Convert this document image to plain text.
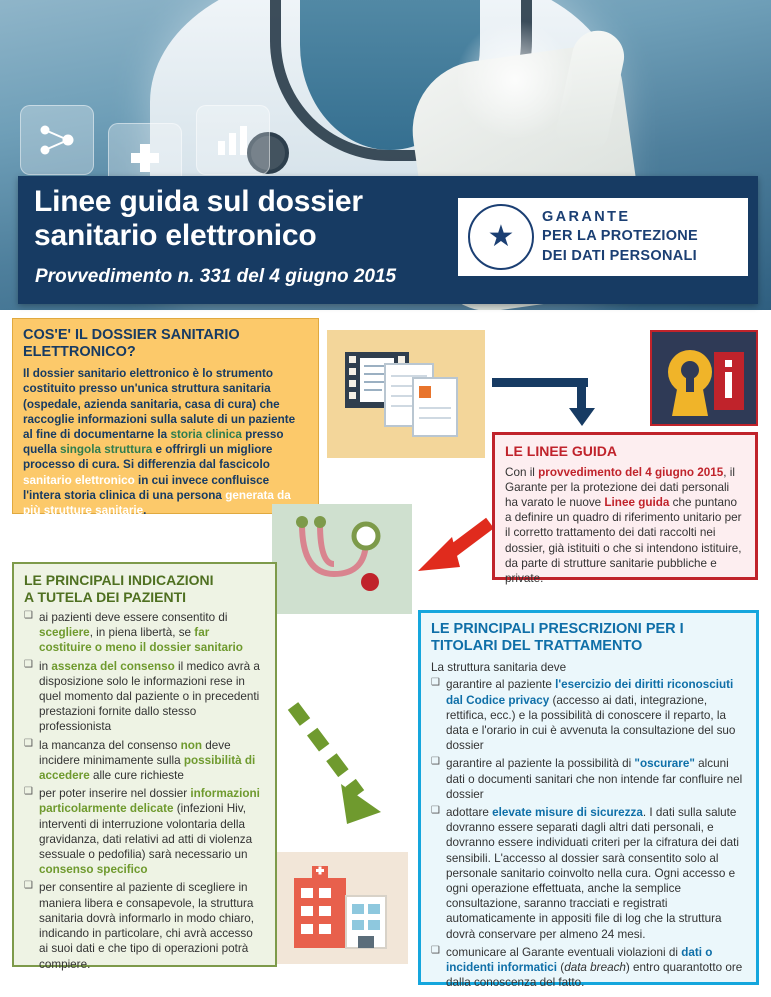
Linee guida sul dossier
sanitario elettronico
Provvedimento n. 331 del 4 giugno 2015
★
GARANTE
PER LA PROTEZIONE
DEI DATI PERSONALI
COS'E' IL DOSSIER SANITARIO ELETTRONICO?

Il dossier sanitario elettronico è lo strumento costituito presso un'unica struttura sanitaria (ospedale, azienda sanitaria, casa di cura) che raccoglie informazioni sulla salute di un paziente al fine di documentarne la storia clinica presso quella singola struttura e offrirgli un migliore processo di cura. Si differenzia dal fascicolo sanitario elettronico in cui invece confluisce l'intera storia clinica di una persona generata da più strutture sanitarie.

LE LINEE GUIDA

Con il provvedimento del 4 giugno 2015, il Garante per la protezione dei dati personali ha varato le nuove Linee guida che puntano a definire un quadro di riferimento unitario per il corretto trattamento dei dati raccolti nei dossier, già istituiti o che si intendono istituire, da parte di strutture sanitarie pubbliche e private.

LE PRINCIPALI INDICAZIONI
A TUTELA DEI PAZIENTI
❑ ai pazienti deve essere consentito di scegliere, in piena libertà, se far costituire o meno il dossier sanitario
❑ in assenza del consenso il medico avrà a disposizione solo le informazioni rese in quel momento dal paziente o in precedenti prestazioni fornite dallo stesso professionista
❑ la mancanza del consenso non deve incidere minimamente sulla possibilità di accedere alle cure richieste
❑ per poter inserire nel dossier informazioni particolarmente delicate (infezioni Hiv, interventi di interruzione volontaria della gravidanza, dati relativi ad atti di violenza sessuale o pedofilia) sarà necessario un consenso specifico
❑ per consentire al paziente di scegliere in maniera libera e consapevole, la struttura sanitaria dovrà informarlo in modo chiaro, indicando in particolare, chi avrà accesso ai suoi dati e che tipo di operazioni potrà compiere.
LE PRINCIPALI PRESCRIZIONI PER I
TITOLARI DEL TRATTAMENTO

La struttura sanitaria deve

❑ garantire al paziente l'esercizio dei diritti riconosciuti dal Codice privacy (accesso ai dati, integrazione, rettifica, ecc.) e la possibilità di conoscere il reparto, la data e l'orario in cui è avvenuta la consultazione del suo dossier
❑ garantire al paziente la possibilità di "oscurare" alcuni dati o documenti sanitari che non intende far confluire nel dossier
❑ adottare elevate misure di sicurezza. I dati sulla salute dovranno essere separati dagli altri dati personali, e dovranno essere individuati criteri per la cifratura dei dati sensibili. L'accesso al dossier sarà consentito solo al personale sanitario coinvolto nella cura. Ogni accesso e ogni operazione effettuata, anche la semplice consultazione, saranno tracciati e registrati automaticamente in appositi file di log che la struttura dovrà conservare per almeno 24 mesi.
❑ comunicare al Garante eventuali violazioni di dati o incidenti informatici (data breach) entro quarantotto ore dalla conoscenza del fatto.
